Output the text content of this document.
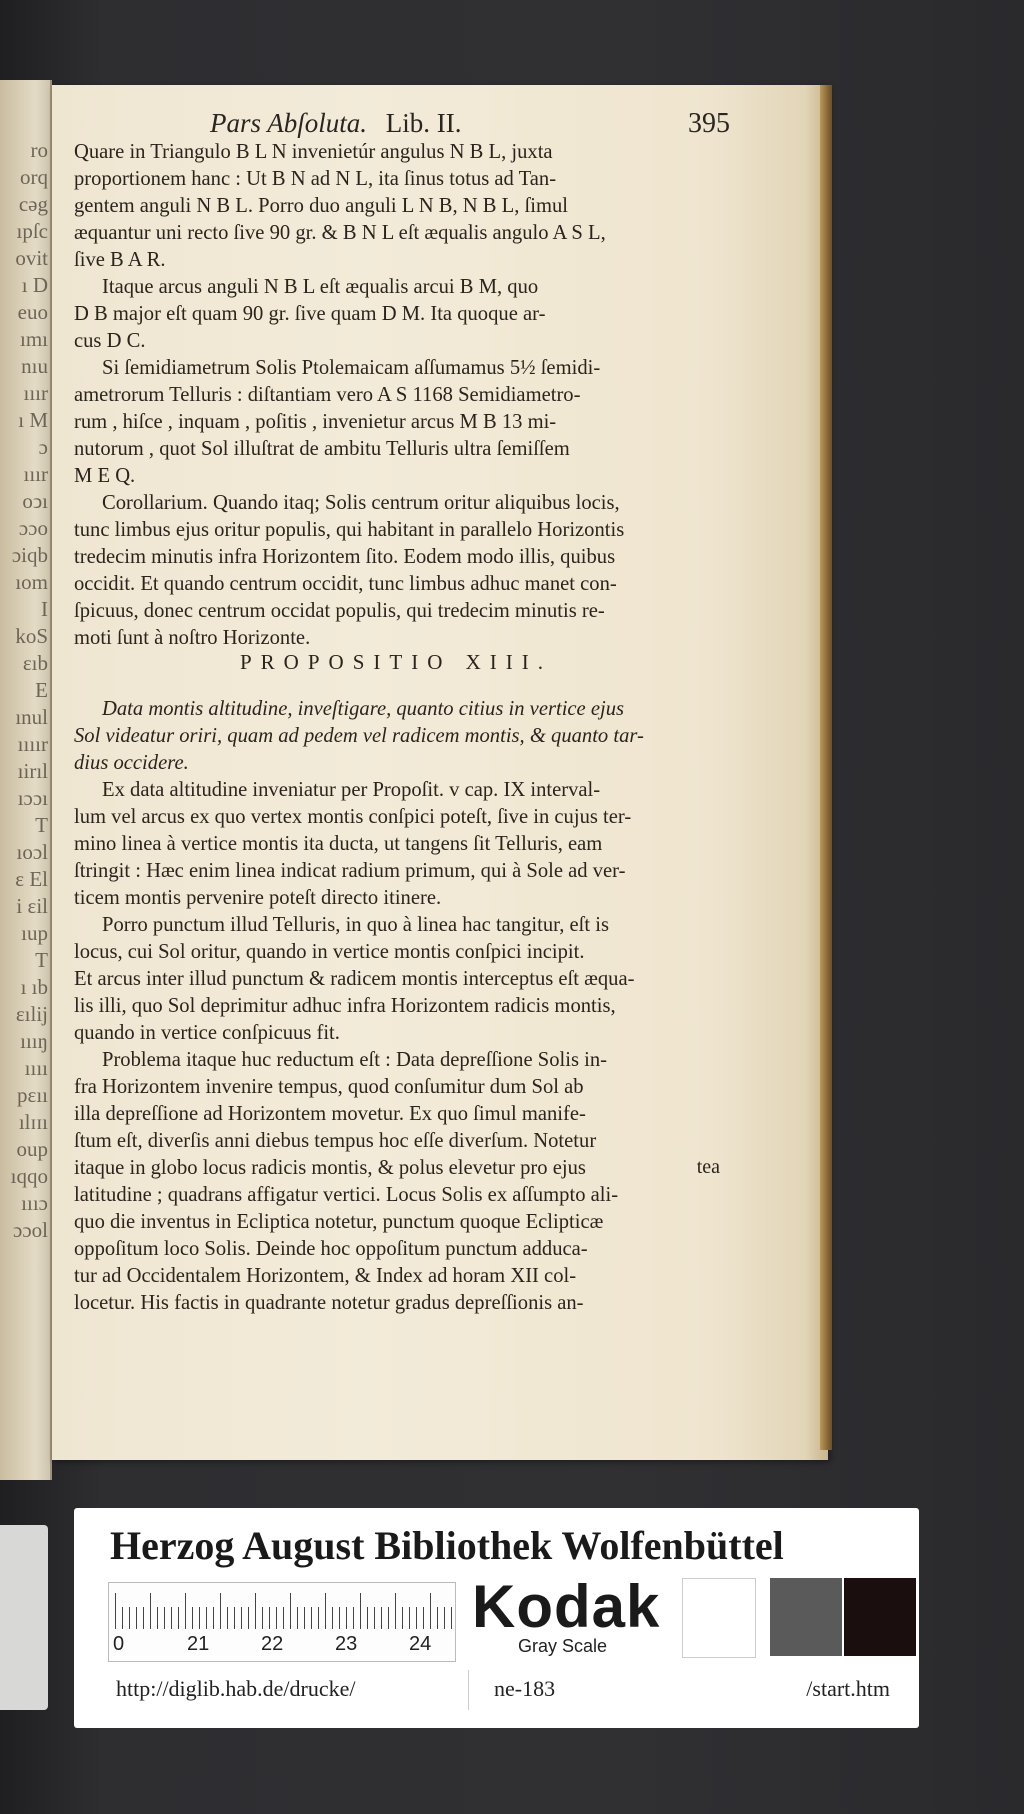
ro
orq
cəg
ıpſc
ovit
ı D
euo
ımı
nıu
ııır
ı M
ɔ
ııır
oↄı
ɔɔo
ɔiqb
ıom
I
koS
ɛıb
E
ınul
ıııır
ıirıl
ıɔɔı
T
ıoɔl
ɛ El
i ɛil
ıup
T
ı ıb
ɛılij
ıııŋ
ıııı
pɛıı
ılɪɪı
oup
ıqqo
ıııɔ
ɔɔol
Pars Abſoluta. Lib. II.	395
Quare in Triangulo B L N invenietúr angulus N B L, juxta
proportionem hanc : Ut B N ad N L, ita ſinus totus ad Tan-
gentem anguli N B L. Porro duo anguli L N B, N B L, ſimul
æquantur uni recto ſive 90 gr. & B N L eſt æqualis angulo A S L,
ſive B A R.
Itaque arcus anguli N B L eſt æqualis arcui B M, quo
D B major eſt quam 90 gr. ſive quam D M. Ita quoque ar-
cus D C.
Si ſemidiametrum Solis Ptolemaicam aſſumamus 5½ ſemidi-
ametrorum Telluris : diſtantiam vero A S 1168 Semidiametro-
rum , hiſce , inquam , poſitis , invenietur arcus M B 13 mi-
nutorum , quot Sol illuſtrat de ambitu Telluris ultra ſemiſſem
M E Q.
Corollarium. Quando itaq; Solis centrum oritur aliquibus locis,
tunc limbus ejus oritur populis, qui habitant in parallelo Horizontis
tredecim minutis infra Horizontem ſito. Eodem modo illis, quibus
occidit. Et quando centrum occidit, tunc limbus adhuc manet con-
ſpicuus, donec centrum occidat populis, qui tredecim minutis re-
moti ſunt à noſtro Horizonte.
PROPOSITIO XIII.
Data montis altitudine, inveſtigare, quanto citius in vertice ejus
Sol videatur oriri, quam ad pedem vel radicem montis, & quanto tar-
dius occidere.
Ex data altitudine inveniatur per Propoſit. v cap. IX interval-
lum vel arcus ex quo vertex montis conſpici poteſt, ſive in cujus ter-
mino linea à vertice montis ita ducta, ut tangens ſit Telluris, eam
ſtringit : Hæc enim linea indicat radium primum, qui à Sole ad ver-
ticem montis pervenire poteſt directo itinere.
Porro punctum illud Telluris, in quo à linea hac tangitur, eſt is
locus, cui Sol oritur, quando in vertice montis conſpici incipit.
Et arcus inter illud punctum & radicem montis interceptus eſt æqua-
lis illi, quo Sol deprimitur adhuc infra Horizontem radicis montis,
quando in vertice conſpicuus fit.
Problema itaque huc reductum eſt : Data depreſſione Solis in-
fra Horizontem invenire tempus, quod conſumitur dum Sol ab
illa depreſſione ad Horizontem movetur. Ex quo ſimul manife-
ſtum eſt, diverſis anni diebus tempus hoc eſſe diverſum. Notetur
itaque in globo locus radicis montis, & polus elevetur pro ejus
latitudine ; quadrans affigatur vertici. Locus Solis ex aſſumpto ali-
quo die inventus in Ecliptica notetur, punctum quoque Eclipticæ
oppoſitum loco Solis. Deinde hoc oppoſitum punctum adduca-
tur ad Occidentalem Horizontem, & Index ad horam XII col-
locetur. His factis in quadrante notetur gradus depreſſionis an-
tea
Herzog August Bibliothek Wolfenbüttel
0	21	22	23	24
Kodak
Gray Scale
http://diglib.hab.de/drucke/	ne-183	/start.htm
